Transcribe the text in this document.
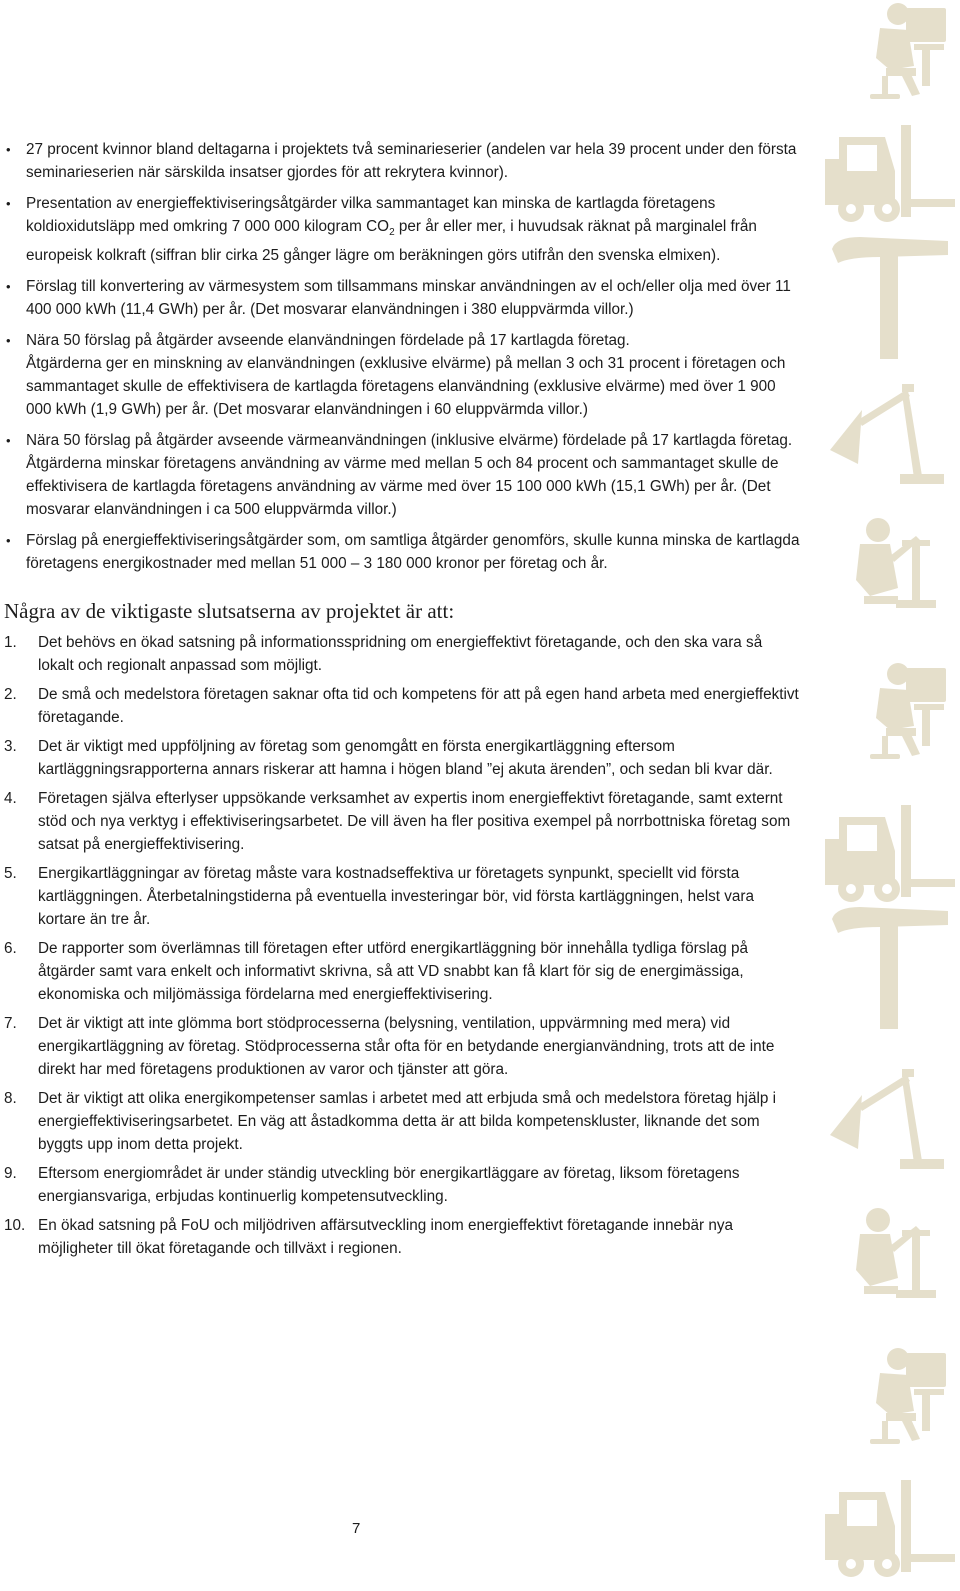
• 27 procent kvinnor bland deltagarna i projektets två seminarieserier (andelen var hela 39 procent under den första seminarieserien när särskilda insatser gjordes för att rekrytera kvinnor).
• Presentation av energieffektiviseringsåtgärder vilka sammantaget kan minska de kartlagda företagens koldioxidutsläpp med omkring 7 000 000 kilogram $CO_2$ per år eller mer, i huvudsak räknat på marginalel från europeisk kolkraft (siffran blir cirka 25 gånger lägre om beräkningen görs utifrån den svenska elmixen).
• Förslag till konvertering av värmesystem som tillsammans minskar användningen av el och/eller olja med över 11 400 000 kWh (11,4 GWh) per år. (Det mosvarar elanvändningen i 380 eluppvärmda villor.)
• Nära 50 förslag på åtgärder avseende elanvändningen fördelade på 17 kartlagda företag.

Åtgärderna ger en minskning av elanvändningen (exklusive elvärme) på mellan 3 och 31 procent i företagen och sammantaget skulle de effektivisera de kartlagda företagens elanvändning (exklusive elvärme) med över 1 900 000 kWh (1,9 GWh) per år. (Det mosvarar elanvändningen i 60 eluppvärmda villor.)

• Nära 50 förslag på åtgärder avseende värmeanvändningen (inklusive elvärme) fördelade på 17 kartlagda företag. Åtgärderna minskar företagens användning av värme med mellan 5 och 84 procent och sammantaget skulle de effektivisera de kartlagda företagens användning av värme med över 15 100 000 kWh (15,1 GWh) per år. (Det mosvarar elanvändningen i ca 500 eluppvärmda villor.)
• Förslag på energieffektiviseringsåtgärder som, om samtliga åtgärder genomförs, skulle kunna minska de kartlagda företagens energikostnader med mellan 51 000 – 3 180 000 kronor per företag och år.
Några av de viktigaste slutsatserna av projektet är att:
1. Det behövs en ökad satsning på informationsspridning om energieffektivt företagande, och den ska vara så lokalt och regionalt anpassad som möjligt.
2. De små och medelstora företagen saknar ofta tid och kompetens för att på egen hand arbeta med energieffektivt företagande.
3. Det är viktigt med uppföljning av företag som genomgått en första energikartläggning eftersom kartläggningsrapporterna annars riskerar att hamna i högen bland ”ej akuta ärenden”, och sedan bli kvar där.
4. Företagen själva efterlyser uppsökande verksamhet av expertis inom energieffektivt företagande, samt externt stöd och nya verktyg i effektiviseringsarbetet. De vill även ha fler positiva exempel på norrbottniska företag som satsat på energieffektivisering.
5. Energikartläggningar av företag måste vara kostnadseffektiva ur företagets synpunkt, speciellt vid första kartläggningen. Återbetalningstiderna på eventuella investeringar bör, vid första kartläggningen, helst vara kortare än tre år.
6. De rapporter som överlämnas till företagen efter utförd energikartläggning bör innehålla tydliga förslag på åtgärder samt vara enkelt och informativt skrivna, så att VD snabbt kan få klart för sig de energimässiga, ekonomiska och miljömässiga fördelarna med energieffektivisering.
7. Det är viktigt att inte glömma bort stödprocesserna (belysning, ventilation, uppvärmning med mera) vid energikartläggning av företag. Stödprocesserna står ofta för en betydande energianvändning, trots att de inte direkt har med företagens produktionen av varor och tjänster att göra.
8. Det är viktigt att olika energikompetenser samlas i arbetet med att erbjuda små och medelstora företag hjälp i energieffektiviseringsarbetet. En väg att åstadkomma detta är att bilda kompetenskluster, liknande det som byggts upp inom detta projekt.
9. Eftersom energiområdet är under ständig utveckling bör energikartläggare av företag, liksom företagens energiansvariga, erbjudas kontinuerlig kompetensutveckling.
10. En ökad satsning på FoU och miljödriven affärsutveckling inom energieffektivt företagande innebär nya möjligheter till ökat företagande och tillväxt i regionen.
7
